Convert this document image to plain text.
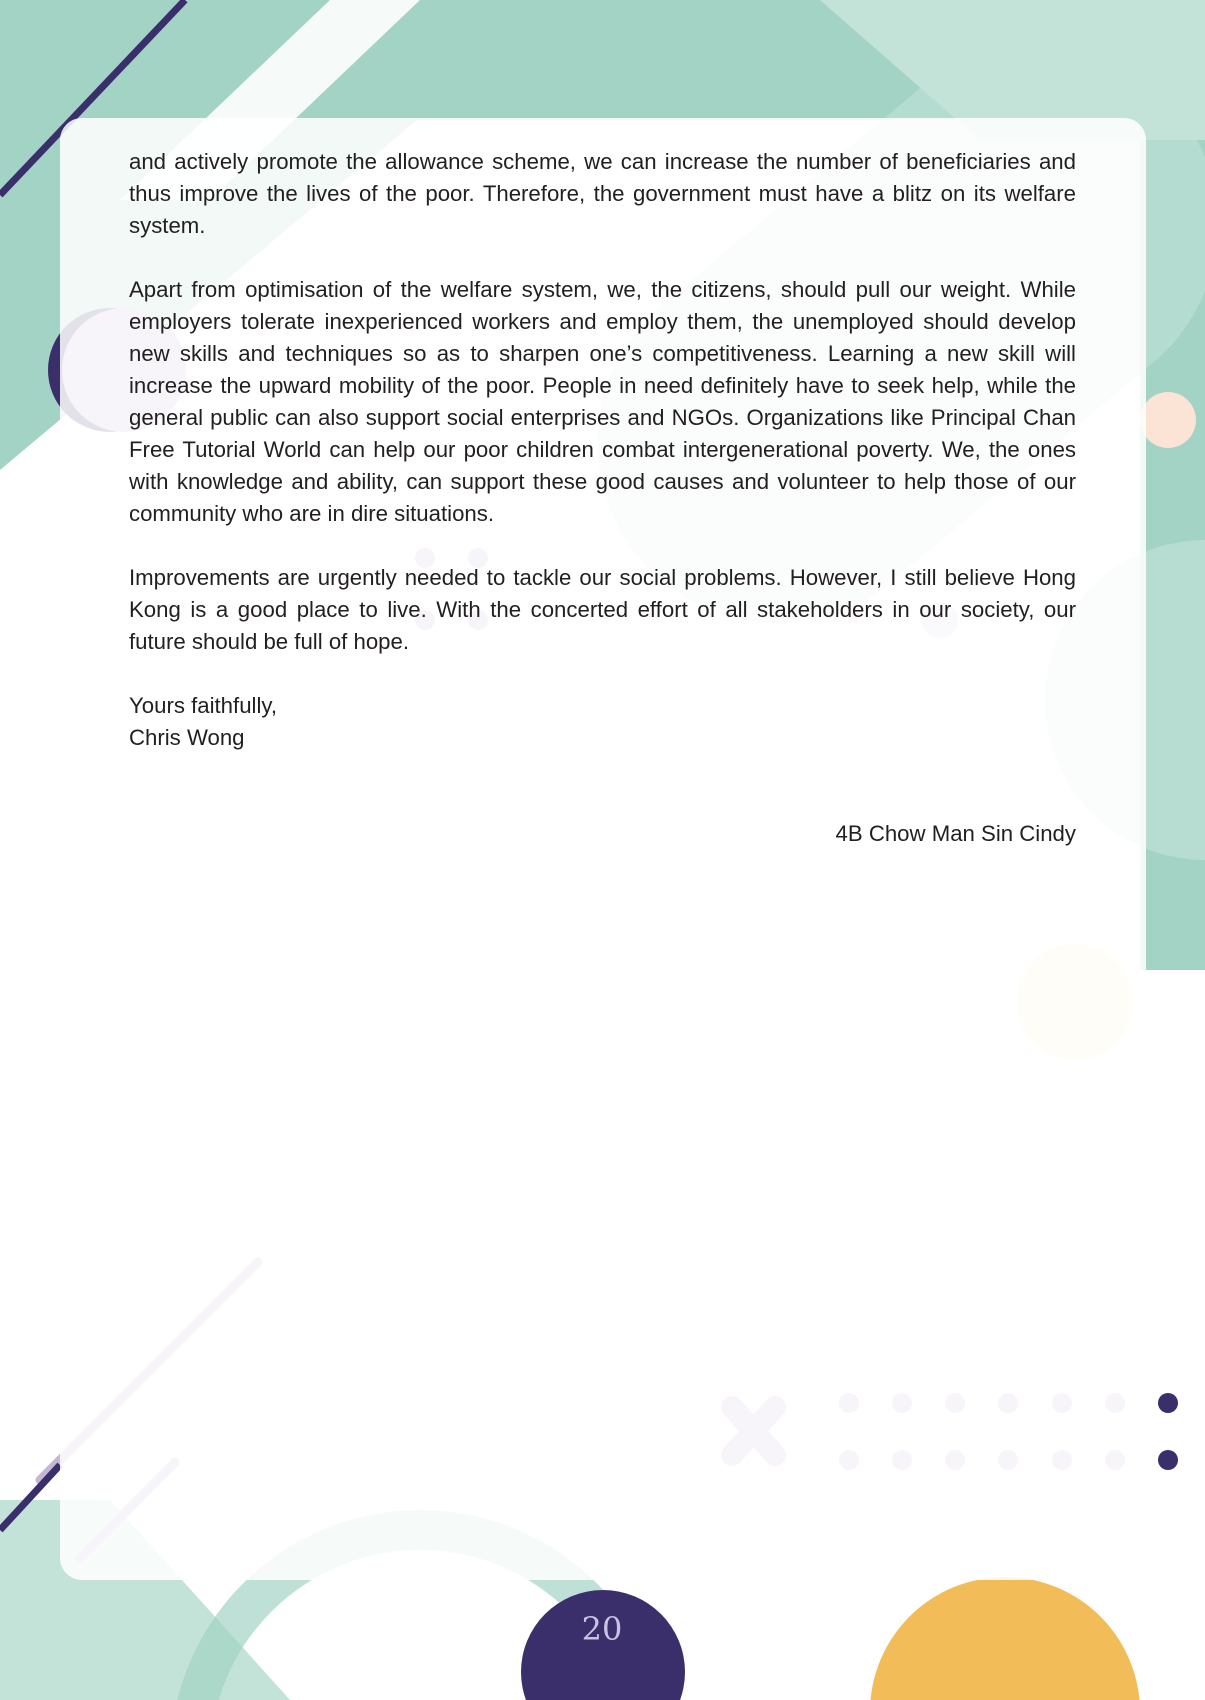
and actively promote the allowance scheme, we can increase the number of beneficiaries and thus improve the lives of the poor. Therefore, the government must have a blitz on its welfare system.

Apart from optimisation of the welfare system, we, the citizens, should pull our weight. While employers tolerate inexperienced workers and employ them, the unemployed should develop new skills and techniques so as to sharpen one’s competitiveness. Learning a new skill will increase the upward mobility of the poor. People in need definitely have to seek help, while the general public can also support social enterprises and NGOs. Organizations like Principal Chan Free Tutorial World can help our poor children combat intergenerational poverty. We, the ones with knowledge and ability, can support these good causes and volunteer to help those of our community who are in dire situations.

Improvements are urgently needed to tackle our social problems. However, I still believe Hong Kong is a good place to live. With the concerted effort of all stakeholders in our society, our future should be full of hope.

Yours faithfully,

Chris Wong

4B Chow Man Sin Cindy

20
